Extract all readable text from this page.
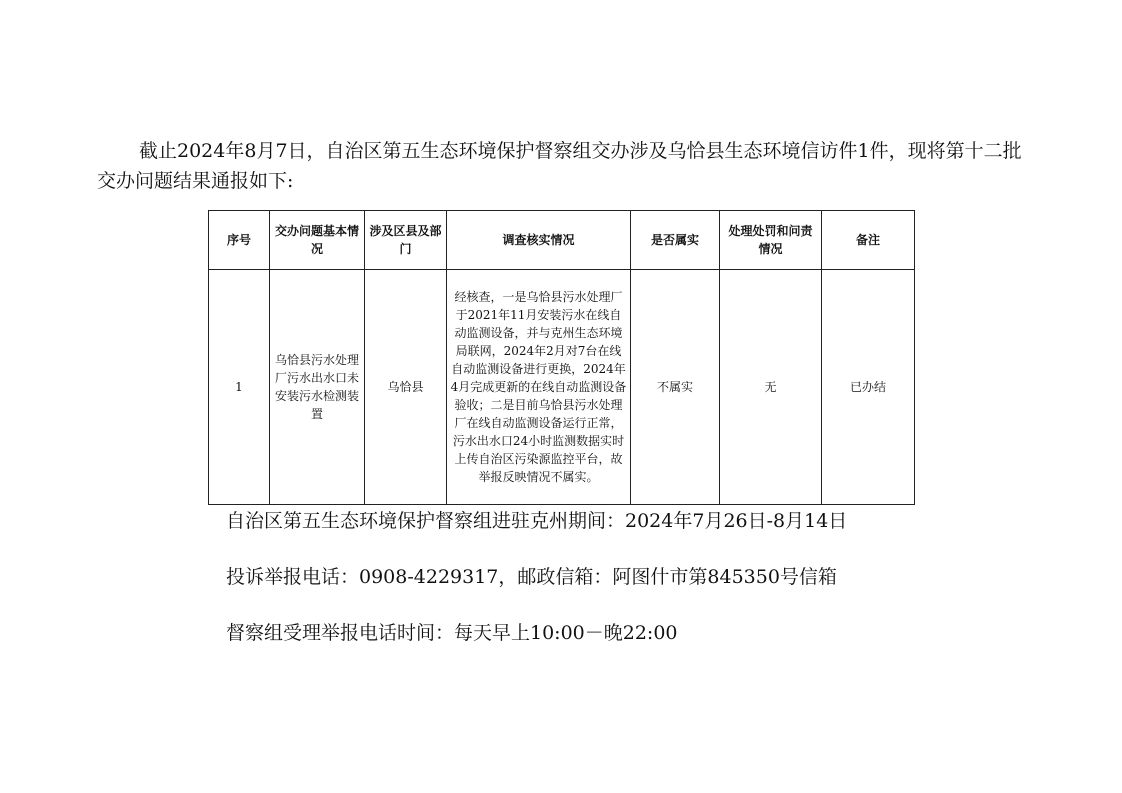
截止2024年8月7日，自治区第五生态环境保护督察组交办涉及乌恰县生态环境信访件1件，现将第十二批交办问题结果通报如下:

序号	交办问题基本情况	涉及区县及部门	调查核实情况	是否属实	处理处罚和问责情况	备注
1	乌恰县污水处理厂污水出水口未安装污水检测装置	乌恰县	经核查，一是乌恰县污水处理厂于2021年11月安装污水在线自动监测设备，并与克州生态环境局联网，2024年2月对7台在线自动监测设备进行更换，2024年4月完成更新的在线自动监测设备验收；二是目前乌恰县污水处理厂在线自动监测设备运行正常，污水出水口24小时监测数据实时上传自治区污染源监控平台，故举报反映情况不属实。	不属实	无	已办结

自治区第五生态环境保护督察组进驻克州期间：2024年7月26日-8月14日

投诉举报电话：0908-4229317，邮政信箱：阿图什市第845350号信箱

督察组受理举报电话时间：每天早上10:00－晚22:00
